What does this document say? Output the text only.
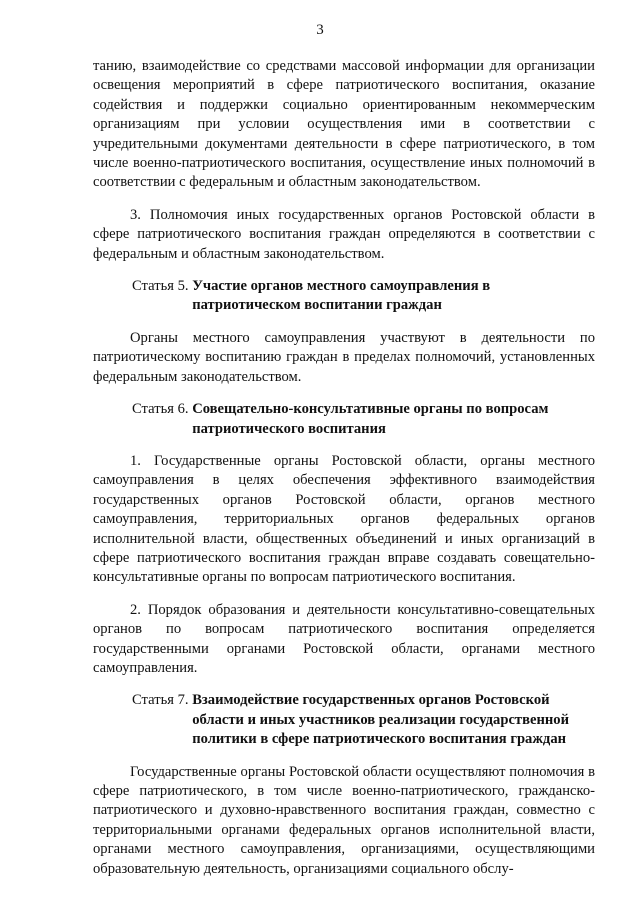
3

танию, взаимодействие со средствами массовой информации для организации освещения мероприятий в сфере патриотического воспитания, оказание содействия и поддержки социально ориентированным некоммерческим организациям при условии осуществления ими в соответствии с учредительными документами деятельности в сфере патриотического, в том числе военно-патриотического воспитания, осуществление иных полномочий в соответствии с федеральным и областным законодательством.

3. Полномочия иных государственных органов Ростовской области в сфере патриотического воспитания граждан определяются в соответствии с федеральным и областным законодательством.

Статья 5. Участие органов местного самоуправления в
патриотическом воспитании граждан

Органы местного самоуправления участвуют в деятельности по патриотическому воспитанию граждан в пределах полномочий, установленных федеральным законодательством.

Статья 6. Совещательно-консультативные органы по вопросам
патриотического воспитания

1. Государственные органы Ростовской области, органы местного самоуправления в целях обеспечения эффективного взаимодействия государственных органов Ростовской области, органов местного самоуправления, территориальных органов федеральных органов исполнительной власти, общественных объединений и иных организаций в сфере патриотического воспитания граждан вправе создавать совещательно-консультативные органы по вопросам патриотического воспитания.

2. Порядок образования и деятельности консультативно-совещательных органов по вопросам патриотического воспитания определяется государственными органами Ростовской области, органами местного самоуправления.

Статья 7. Взаимодействие государственных органов Ростовской
области и иных участников реализации государственной
политики в сфере патриотического воспитания граждан

Государственные органы Ростовской области осуществляют полномочия в сфере патриотического, в том числе военно-патриотического, гражданско-патриотического и духовно-нравственного воспитания граждан, совместно с территориальными органами федеральных органов исполнительной власти, органами местного самоуправления, организациями, осуществляющими образовательную деятельность, организациями социального обслу-
